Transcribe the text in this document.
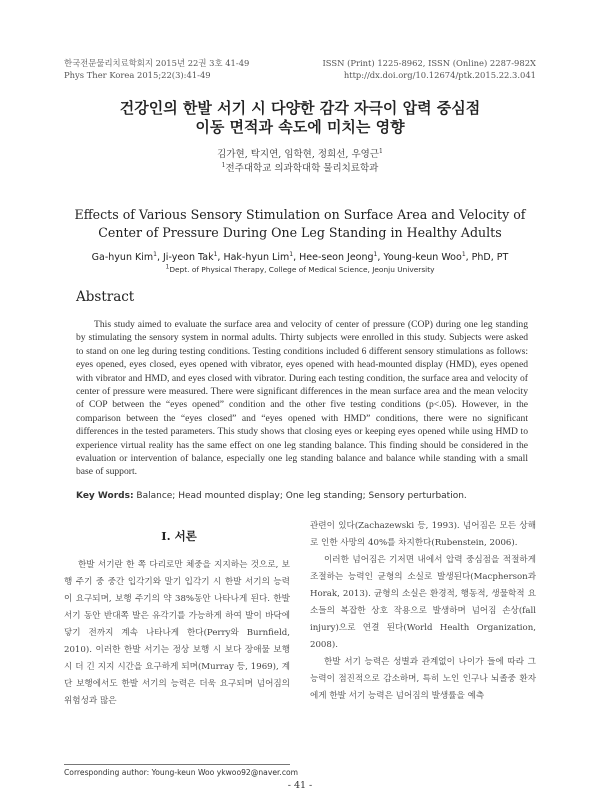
한국전문물리치료학회지 2015년 22권 3호 41-49
Phys Ther Korea 2015;22(3):41-49
ISSN (Print) 1225-8962, ISSN (Online) 2287-982X
http://dx.doi.org/10.12674/ptk.2015.22.3.041
건강인의 한발 서기 시 다양한 감각 자극이 압력 중심점
이동 면적과 속도에 미치는 영향
김가현, 탁지연, 임학현, 정희선, 우영근$^1$
$^1$전주대학교 의과학대학 물리치료학과
Effects of Various Sensory Stimulation on Surface Area and Velocity of
Center of Pressure During One Leg Standing in Healthy Adults
Ga-hyun Kim$^1$, Ji-yeon Tak$^1$, Hak-hyun Lim$^1$, Hee-seon Jeong$^1$, Young-keun Woo$^1$, PhD, PT
$^1$Dept. of Physical Therapy, College of Medical Science, Jeonju University
Abstract

This study aimed to evaluate the surface area and velocity of center of pressure (COP) during one leg standing by stimulating the sensory system in normal adults. Thirty subjects were enrolled in this study. Subjects were asked to stand on one leg during testing conditions. Testing conditions included 6 different sensory stimulations as follows: eyes opened, eyes closed, eyes opened with vibrator, eyes opened with head-mounted display (HMD), eyes opened with vibrator and HMD, and eyes closed with vibrator. During each testing condition, the surface area and velocity of center of pressure were measured. There were significant differences in the mean surface area and the mean velocity of COP between the “eyes opened” condition and the other five testing conditions (p<.05). However, in the comparison between the “eyes closed” and “eyes opened with HMD” conditions, there were no significant differences in the tested parameters. This study shows that closing eyes or keeping eyes opened while using HMD to experience virtual reality has the same effect on one leg standing balance. This finding should be considered in the evaluation or intervention of balance, especially one leg standing balance and balance while standing with a small base of support.

Key Words: Balance; Head mounted display; One leg standing; Sensory perturbation.
Ⅰ. 서론

한발 서기란 한 쪽 다리로만 체중을 지지하는 것으로, 보행 주기 중 중간 입각기와 말기 입각기 시 한발 서기의 능력이 요구되며, 보행 주기의 약 38%동안 나타나게 된다. 한발 서기 동안 반대쪽 발은 유각기를 가능하게 하여 발이 바닥에 닿기 전까지 계속 나타나게 한다(Perry와 Burnfield, 2010). 이러한 한발 서기는 정상 보행 시 보다 장애물 보행 시 더 긴 지지 시간을 요구하게 되며(Murray 등, 1969), 계단 보행에서도 한발 서기의 능력은 더욱 요구되며 넘어짐의 위험성과 많은

관련이 있다(Zachazewski 등, 1993). 넘어짐은 모든 상해로 인한 사망의 40%를 차지한다(Rubenstein, 2006).

이러한 넘어짐은 기저면 내에서 압력 중심점을 적절하게 조절하는 능력인 균형의 소실로 발생된다(Macpherson과 Horak, 2013). 균형의 소실은 환경적, 행동적, 생물학적 요소들의 복잡한 상호 작용으로 발생하며 넘어짐 손상(fall injury)으로 연결 된다(World Health Organization, 2008).

한발 서기 능력은 성별과 관계없이 나이가 들에 따라 그 능력이 점진적으로 감소하며, 특히 노인 인구나 뇌졸중 환자에게 한발 서기 능력은 넘어짐의 발생률을 예측

Corresponding author: Young-keun Woo ykwoo92@naver.com
- 41 -
